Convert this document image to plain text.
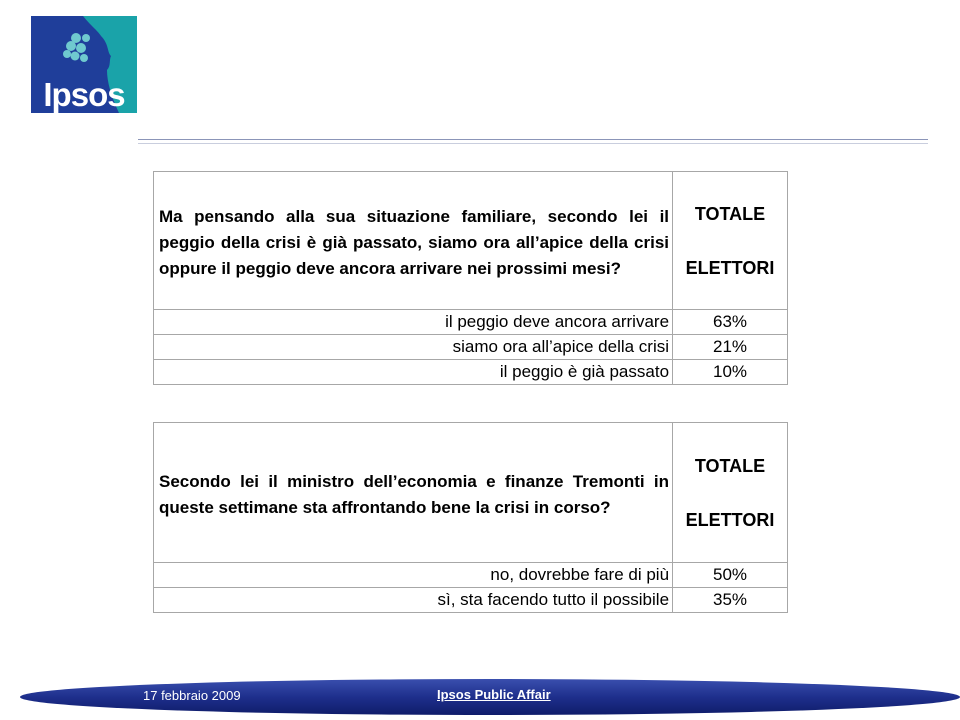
Ipsos
Ma pensando alla sua situazione familiare, secondo lei il peggio della crisi è già passato, siamo ora all’apice della crisi oppure il peggio deve ancora arrivare nei prossimi mesi?	TOTALE
ELETTORI

il peggio deve ancora arrivare	63%
siamo ora all’apice della crisi	21%
il peggio è già passato	10%
Secondo lei il ministro dell’economia e finanze Tremonti in queste settimane sta affrontando bene la crisi in corso?	TOTALE
ELETTORI

no, dovrebbe fare di più	50%
sì, sta facendo tutto il possibile	35%
17 febbraio 2009	Ipsos Public Affair
